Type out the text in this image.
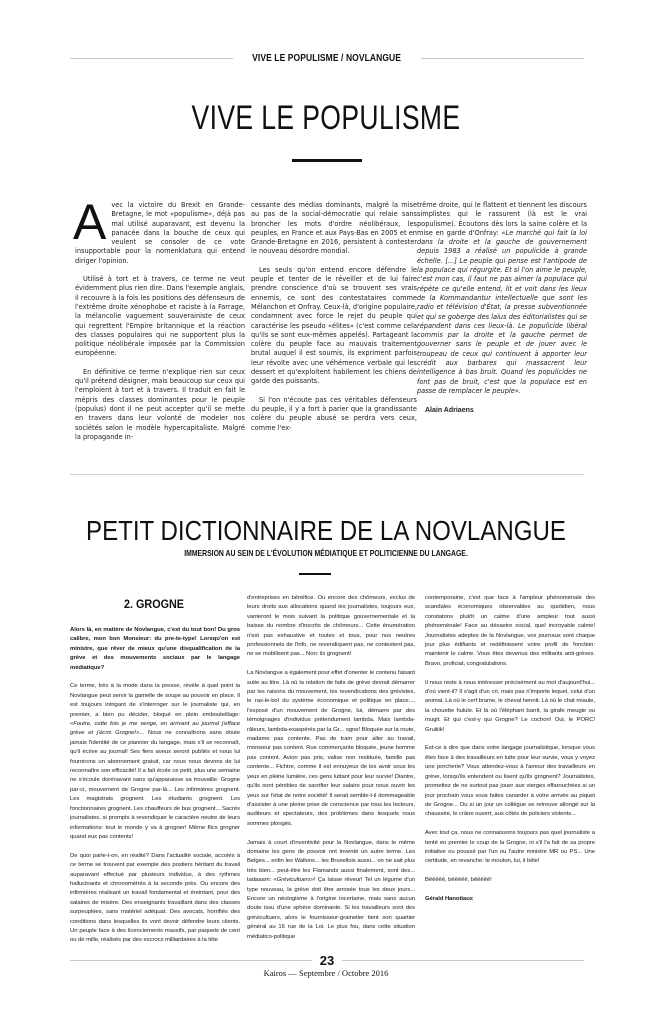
VIVE LE POPULISME / NOVLANGUE
VIVE LE POPULISME

Avec la victoire du Brexit en Grande-Bretagne, le mot «populisme», déjà pas mal utilisé auparavant, est devenu la panacée dans la bouche de ceux qui veulent se consoler de ce vote insupportable pour la nomenklatura qui entend diriger l'opinion.

Utilisé à tort et à travers, ce terme ne veut évidemment plus rien dire. Dans l'exemple anglais, il recouvre à la fois les positions des défenseurs de l'extrême droite xénophobe et raciste à la Farrage, la mélancolie vaguement souverainiste de ceux qui regrettent l'Empire britannique et la réaction des classes populaires qui ne supportent plus la politique néolibérale imposée par la Commission européenne.

En définitive ce terme n'explique rien sur ceux qu'il prétend désigner, mais beaucoup sur ceux qui l'emploient à tort et à travers. Il traduit en fait le mépris des classes dominantes pour le peuple (populus) dont il ne peut accepter qu'il se mette en travers dans leur volonté de modeler nos sociétés selon le modèle hypercapitaliste. Malgré la propagande in-

cessante des médias dominants, malgré la mise au pas de la social-démocratie qui relaie sans broncher les mots d'ordre néolibéraux, les peuples, en France et aux Pays-Bas en 2005 et en Grande-Bretagne en 2016, persistent à contester le nouveau désordre mondial.

Les seuls qu'on entend encore défendre le peuple et tenter de le réveiller et de lui faire prendre conscience d'où se trouvent ses vrais ennemis, ce sont des contestataires comme Mélanchon et Onfray. Ceux-là, d'origine populaire, condamnent avec force le rejet du peuple qui caractérise les pseudo «élites» (c'est comme cela qu'ils se sont eux-mêmes appelés). Partageant la colère du peuple face au mauvais traitement brutal auquel il est soumis, ils expriment parfois leur révolte avec une véhémence verbale qui les dessert et qu'exploitent habilement les chiens de garde des puissants.

Si l'on n'écoute pas ces véritables défenseurs du peuple, il y a fort à parier que la grandissante colère du peuple abusé se perdra vers ceux, comme l'ex-

trême droite, qui le flattent et tiennent les discours simplistes qui le rassurent (là est le vrai populisme). Écoutons dès lors la saine colère et la mise en garde d'Onfray: «Le marché qui fait la loi dans la droite et la gauche de gouvernement depuis 1983 a réalisé un populicide à grande échelle. [...] Le peuple qui pense est l'antipode de la populace qui régurgite. Et si l'on aime le peuple, c'est mon cas, il faut ne pas aimer la populace qui répète ce qu'elle entend, lit et voit dans les lieux de la Kommandantur intellectuelle que sont les radio et télévision d'État, la presse subventionnée et qui se goberge des laïus des éditorialistes qui se répandent dans ces lieux-là. Le populicide libéral commis par la droite et la gauche permet de gouverner sans le peuple et de jouer avec le troupeau de ceux qui continuent à apporter leur crédit aux barbares qui massacrent leur intelligence à bas bruit. Quand les populicides ne font pas de bruit, c'est que la populace est en passe de remplacer le peuple».

Alain Adriaens
PETIT DICTIONNAIRE DE LA NOVLANGUE
IMMERSION AU SEIN DE L'ÉVOLUTION MÉDIATIQUE ET POLITICIENNE DU LANGAGE.
2. GROGNE

Alors là, en matière de Novlangue, c'est du tout bon! Du gros calibre, mon bon Monsieur: du pre-te-type! Lorsqu'on est ministre, que rêver de mieux qu'une disqualification de la grève et des mouvements sociaux par le langage médiatique?

Ce terme, très à la mode dans la presse, révèle à quel point la Novlangue peut servir la gamelle de soupe au pouvoir en place. Il est toujours intrigant de s'interroger sur le journaliste qui, en premier, a bien pu décider, bloqué en plein embouteillage: «Foutre, cette fois je me venge, en arrivant au journal j'efface grève et j'écris Grogne!»... Nous ne connaîtrons sans doute jamais l'identité de ce plannier du langage, mais s'il se reconnaît, qu'il écrive au journal! Ses fiers aveux seront publiés et nous lui fournirons un abonnement gratuit, car nous nous devons de lui reconnaître son efficacité! Il a fait école ce petit, plus une semaine ne s'écoule dorénavant sans qu'apparaisse sa trouvaille: Grogne par-ci, mouvement de Grogne par-là... Les infirmières grognent. Les magistrats grognent. Les étudiants grognent. Les fonctionnaires grognent. Les chauffeurs de bus grognent... Sacrés journalistes, si prompts à revendiquer le caractère neutre de leurs informations: tout le monde y va à grogner! Même flics grogner quand eux pas contents!

De quoi parle-t-on, en réalité? Dans l'actualité sociale, accolés à ce terme se trouvent par exemple des postiers héritant du travail auparavant effectué par plusieurs individus, à des rythmes hallucinants et chronométrés à la seconde près. Ou encore des infirmières réalisant un travail fondamental et éreintant, pour des salaires de misère. Des enseignants travaillant dans des classes surpeuplées, sans matériel adéquat. Des avocats, horrifiés des conditions dans lesquelles ils vont devoir défendre leurs clients. Un peuple face à des licenciements massifs, par paquets de cent ou de mille, réalisés par des escrocs milliardaires à la tête

d'entreprises en bénéfice. Ou encore des chômeurs, exclus de leurs droits aux allocations quand les journalistes, toujours eux, vanteront le mois suivant la politique gouvernementale et la baisse du nombre d'inscrits de chômeurs... Cette énumération n'est pas exhaustive et toutes et tous, pour nos neutres professionnels de l'info, ne revendiquent pas, ne contestent pas, ne se mobilisent pas... Non: ils grognent!

La Novlangue a également pour effet d'orienter le contenu faisant suite au titre. Là où la relation de faits de grève devrait démarrer par les raisons du mouvement, les revendications des grévistes, le ras-le-bol du système économique et politique en place..., l'exposé d'un mouvement de Grogne, lui, démarre par des témoignages d'individus prétendument lambda. Mais lambda-râleurs, lambda-exaspérés par la Gr... ogne! Bloquée sur la route, madame pas contente. Pas de train pour aller au travail, monsieur pas content. Rue commerçante bloquée, jeune homme pas content. Avion pas pris, valise non restituée, famille pas contente... Fichtre, comme il est ennuyeux de les avoir sous les yeux en pleine lumière, ces gens luttant pour leur survie! Diantre, qu'ils sont pénibles de sacrifier leur salaire pour nous ouvrir les yeux sur l'état de notre société! Il serait semble-t-il dommageable d'assister à une pleine prise de conscience par tous les lecteurs, auditeurs et spectateurs, des problèmes dans lesquels nous sommes plongés.

Jamais à court d'inventivité pour la Novlangue, dans le même domaine les gens de pouvoir ont inventé un autre terme. Les Belges... enfin les Wallons... les Bruxellois aussi... on ne sait plus très bien... peut-être les Flamands aussi finalement, sont des... tadaaam: «Grévicultuers»! Ça laisse rêveur! Tel un légume d'un type nouveau, la grève doit être arrosée tous les deux jours... Encore un néologisme à l'origine incertaine, mais sans aucun doute issu d'une sphère dominante. Si les travailleurs sont des grévicultuers, alors le fournisseur-grainetier tient son quartier général au 16 rue de la Loi. Le plus fou, dans cette situation médiatico-politique

contemporaine, c'est que face à l'ampleur phénoménale des scandales économiques observables au quotidien, nous constatons plutôt un calme d'une ampleur tout aussi phénoménale! Face au désastre social, quel incroyable calme! Journalistes adeptes de la Novlangue, vos journaux sont chaque jour plus édifiants et redéfinissent votre profil de fonction: maintenir le calme. Vous êtes devenus des militants anti-grèves. Bravo, proficiat, congratulations.

Il nous reste à nous intéresser précisément au mot d'aujourd'hui... d'où vient-il? Il s'agit d'un cri, mais pas n'importe lequel, celui d'un animal. Là où le cerf brame, le cheval hennit. Là où le chat miaule, la chouette hulule. Et là où l'éléphant barrit, la girafe meugle ou mugit. Et qui c'est-y qui Grogne? Le cochon! Oui, le PORC! Gruiiiik!

Est-ce à dire que dans votre langage journalistique, lorsque vous êtes face à des travailleurs en lutte pour leur survie, vous y voyez une porcherie? Vous attendez-vous à l'amour des travailleurs en grève, lorsqu'ils entendent ou lisent qu'ils grognent? Journalistes, promettez de ne surtout pas jouer aux vierges effarouchées si un jour prochain vous vous faites canarder à votre arrivée au piquet de Grogne... Ou si un jour un collègue se retrouve allongé sur la chaussée, le crâne ouvert, aux côtés de policiers violents...

Avec tout ça, nous ne connaissons toujours pas quel journaliste a tenté en premier le coup de la Grogne, ni s'il l'a fait de sa propre initiative ou poussé par l'un ou l'autre ministre MR ou PS... Une certitude, en revanche: le mouton, lui, il bêle!

Bêêêêê, bêêêêê, bêêêêê!

Gérald Hanotiaux

23
Kairos — Septembre / Octobre 2016
